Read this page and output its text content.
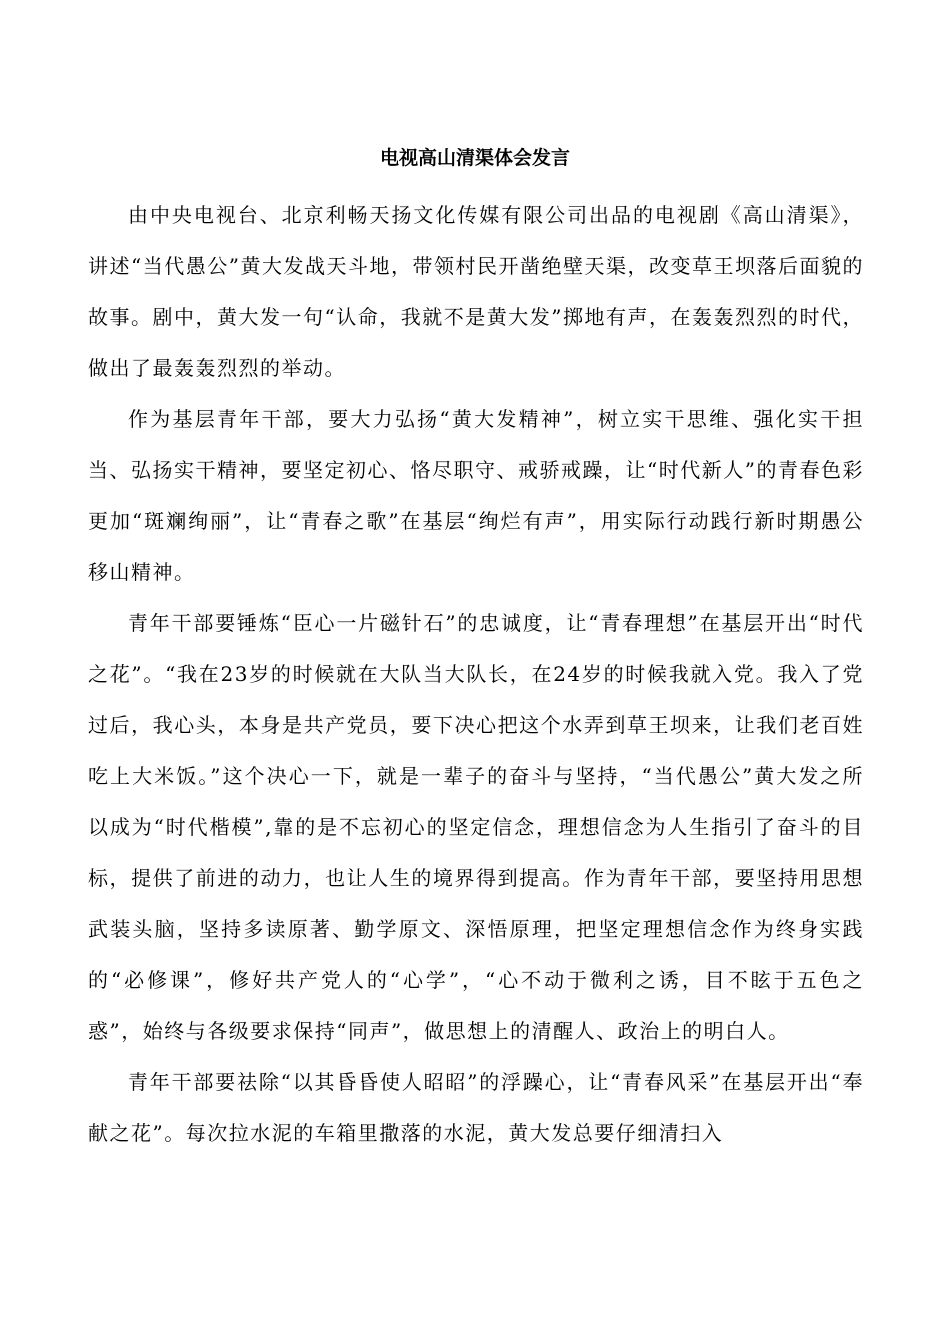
电视高山清渠体会发言

由中央电视台、北京利畅天扬文化传媒有限公司出品的电视剧《高山清渠》，讲述“当代愚公”黄大发战天斗地，带领村民开凿绝壁天渠，改变草王坝落后面貌的故事。剧中，黄大发一句“认命，我就不是黄大发”掷地有声，在轰轰烈烈的时代，做出了最轰轰烈烈的举动。

作为基层青年干部，要大力弘扬“黄大发精神”，树立实干思维、强化实干担当、弘扬实干精神，要坚定初心、恪尽职守、戒骄戒躁，让“时代新人”的青春色彩更加“斑斓绚丽”，让“青春之歌”在基层“绚烂有声”，用实际行动践行新时期愚公移山精神。

青年干部要锤炼“臣心一片磁针石”的忠诚度，让“青春理想”在基层开出“时代之花”。“我在23岁的时候就在大队当大队长，在24岁的时候我就入党。我入了党过后，我心头，本身是共产党员，要下决心把这个水弄到草王坝来，让我们老百姓吃上大米饭。”这个决心一下，就是一辈子的奋斗与坚持，“当代愚公”黄大发之所以成为“时代楷模”,靠的是不忘初心的坚定信念，理想信念为人生指引了奋斗的目标，提供了前进的动力，也让人生的境界得到提高。作为青年干部，要坚持用思想武装头脑，坚持多读原著、勤学原文、深悟原理，把坚定理想信念作为终身实践的“必修课”，修好共产党人的“心学”，“心不动于微利之诱，目不眩于五色之惑”，始终与各级要求保持“同声”，做思想上的清醒人、政治上的明白人。

青年干部要祛除“以其昏昏使人昭昭”的浮躁心，让“青春风采”在基层开出“奉献之花”。每次拉水泥的车箱里撒落的水泥，黄大发总要仔细清扫入
